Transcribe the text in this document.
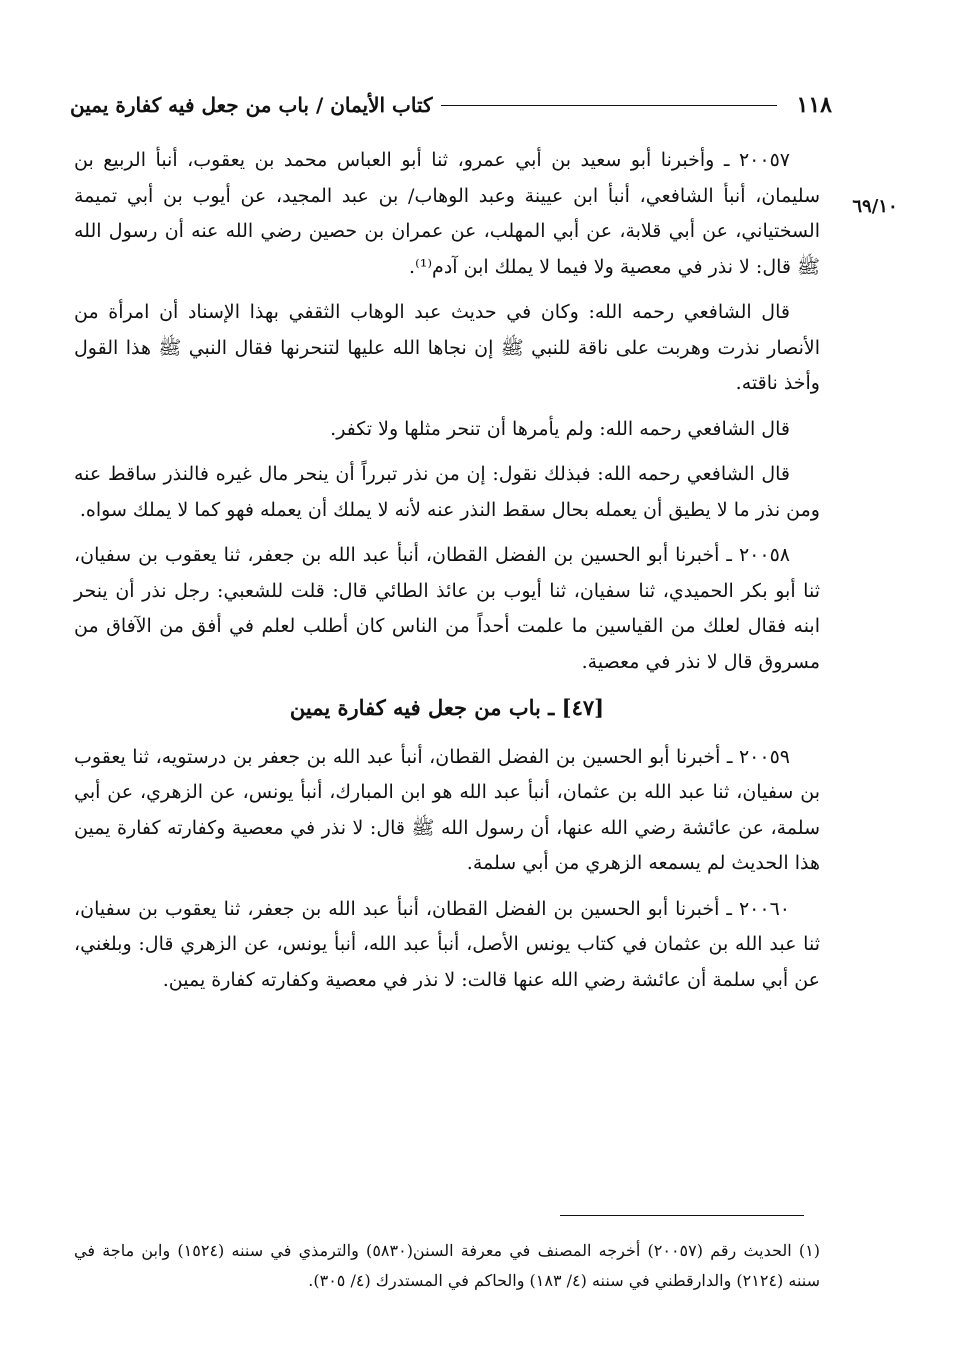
١١٨
كتاب الأيمان / باب من جعل فيه كفارة يمين
٦٩/١٠

٢٠٠٥٧ ـ وأخبرنا أبو سعيد بن أبي عمرو، ثنا أبو العباس محمد بن يعقوب، أنبأ الربيع بن سليمان، أنبأ الشافعي، أنبأ ابن عيينة وعبد الوهاب/ بن عبد المجيد، عن أيوب بن أبي تميمة السختياني، عن أبي قلابة، عن أبي المهلب، عن عمران بن حصين رضي الله عنه أن رسول الله ﷺ قال: لا نذر في معصية ولا فيما لا يملك ابن آدم⁽¹⁾.

قال الشافعي رحمه الله: وكان في حديث عبد الوهاب الثقفي بهذا الإسناد أن امرأة من الأنصار نذرت وهربت على ناقة للنبي ﷺ إن نجاها الله عليها لتنحرنها فقال النبي ﷺ هذا القول وأخذ ناقته.

قال الشافعي رحمه الله: ولم يأمرها أن تنحر مثلها ولا تكفر.

قال الشافعي رحمه الله: فبذلك نقول: إن من نذر تبرراً أن ينحر مال غيره فالنذر ساقط عنه ومن نذر ما لا يطيق أن يعمله بحال سقط النذر عنه لأنه لا يملك أن يعمله فهو كما لا يملك سواه.

٢٠٠٥٨ ـ أخبرنا أبو الحسين بن الفضل القطان، أنبأ عبد الله بن جعفر، ثنا يعقوب بن سفيان، ثنا أبو بكر الحميدي، ثنا سفيان، ثنا أيوب بن عائذ الطائي قال: قلت للشعبي: رجل نذر أن ينحر ابنه فقال لعلك من القياسين ما علمت أحداً من الناس كان أطلب لعلم في أفق من الآفاق من مسروق قال لا نذر في معصية.

[٤٧] ـ باب من جعل فيه كفارة يمين

٢٠٠٥٩ ـ أخبرنا أبو الحسين بن الفضل القطان، أنبأ عبد الله بن جعفر بن درستويه، ثنا يعقوب بن سفيان، ثنا عبد الله بن عثمان، أنبأ عبد الله هو ابن المبارك، أنبأ يونس، عن الزهري، عن أبي سلمة، عن عائشة رضي الله عنها، أن رسول الله ﷺ قال: لا نذر في معصية وكفارته كفارة يمين هذا الحديث لم يسمعه الزهري من أبي سلمة.

٢٠٠٦٠ ـ أخبرنا أبو الحسين بن الفضل القطان، أنبأ عبد الله بن جعفر، ثنا يعقوب بن سفيان، ثنا عبد الله بن عثمان في كتاب يونس الأصل، أنبأ عبد الله، أنبأ يونس، عن الزهري قال: وبلغني، عن أبي سلمة أن عائشة رضي الله عنها قالت: لا نذر في معصية وكفارته كفارة يمين.

(١) الحديث رقم (٢٠٠٥٧) أخرجه المصنف في معرفة السنن(٥٨٣٠) والترمذي في سننه (١٥٢٤) وابن ماجة في سننه (٢١٢٤) والدارقطني في سننه (٤/ ١٨٣) والحاكم في المستدرك (٤/ ٣٠٥).
